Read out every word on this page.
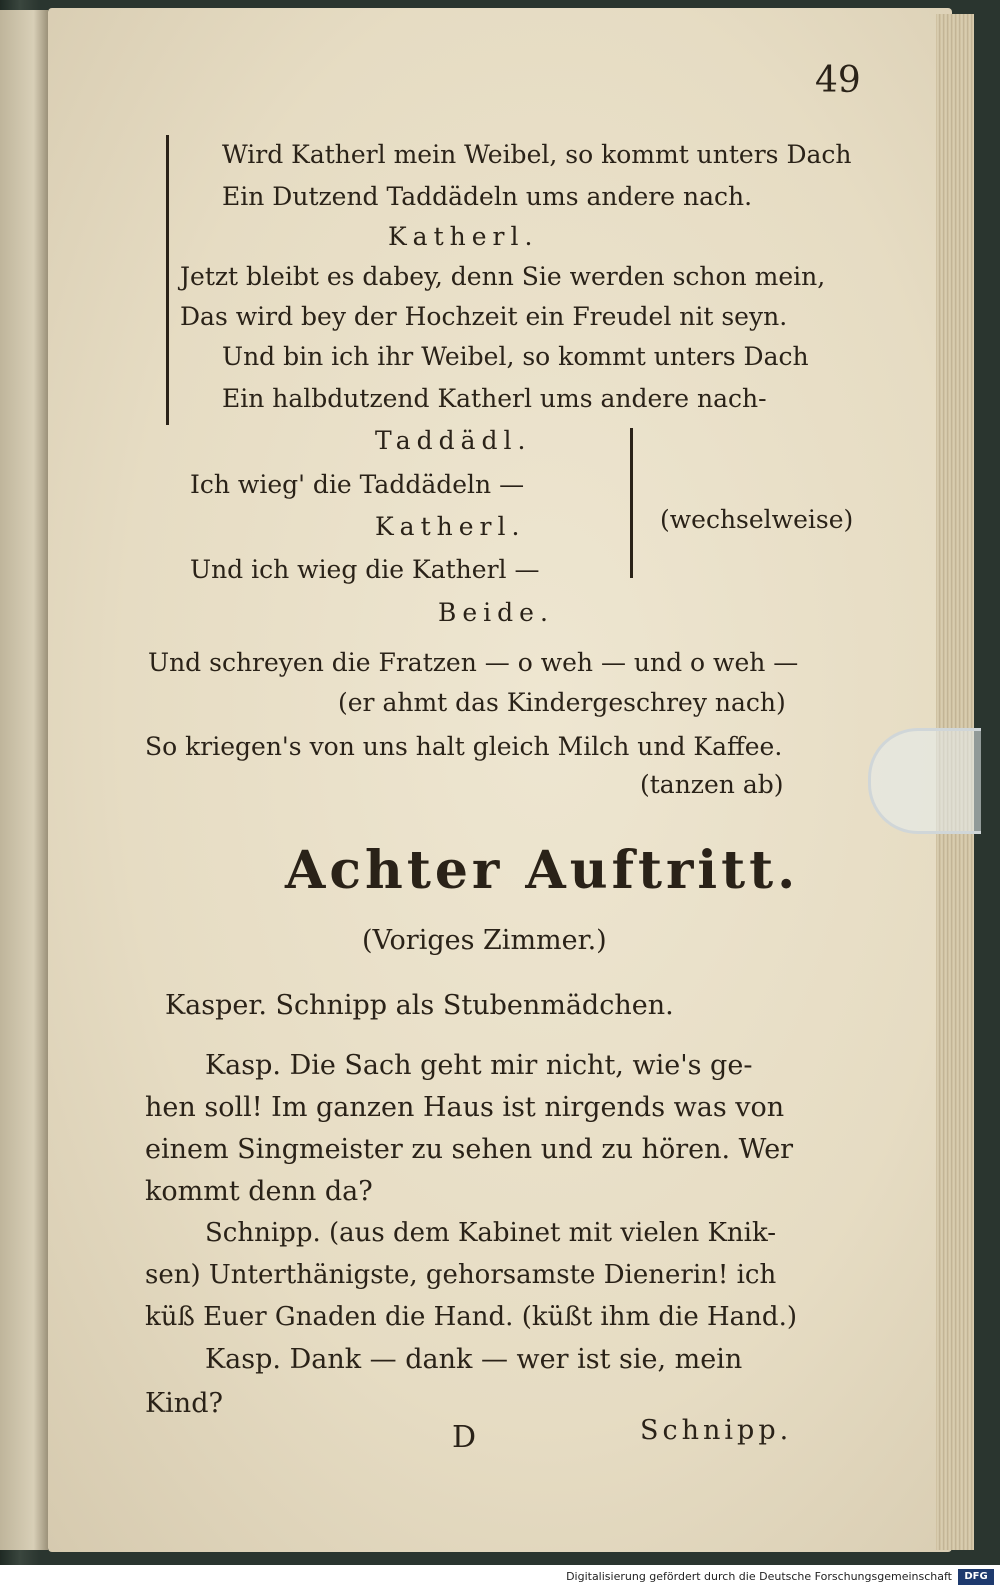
49
Wird Katherl mein Weibel, so kommt unters Dach
Ein Dutzend Taddädeln ums andere nach.
Katherl.
Jetzt bleibt es dabey, denn Sie werden schon mein,
Das wird bey der Hochzeit ein Freudel nit seyn.
Und bin ich ihr Weibel, so kommt unters Dach
Ein halbdutzend Katherl ums andere nach-
Taddädl.
Ich wieg' die Taddädeln —
Katherl.	(wechselweise)
Und ich wieg die Katherl —
Beide.
Und schreyen die Fratzen — o weh — und o weh —
(er ahmt das Kindergeschrey nach)
So kriegen's von uns halt gleich Milch und Kaffee.
(tanzen ab)
Achter Auftritt.
(Voriges Zimmer.)
Kasper. Schnipp als Stubenmädchen.
Kasp. Die Sach geht mir nicht, wie's ge-
hen soll! Im ganzen Haus ist nirgends was von
einem Singmeister zu sehen und zu hören. Wer
kommt denn da?
Schnipp. (aus dem Kabinet mit vielen Knik-
sen) Unterthänigste, gehorsamste Dienerin! ich
küß Euer Gnaden die Hand. (küßt ihm die Hand.)
Kasp. Dank — dank — wer ist sie, mein
Kind?
D	Schnipp.
Digitalisierung gefördert durch die Deutsche Forschungsgemeinschaft	DFG
